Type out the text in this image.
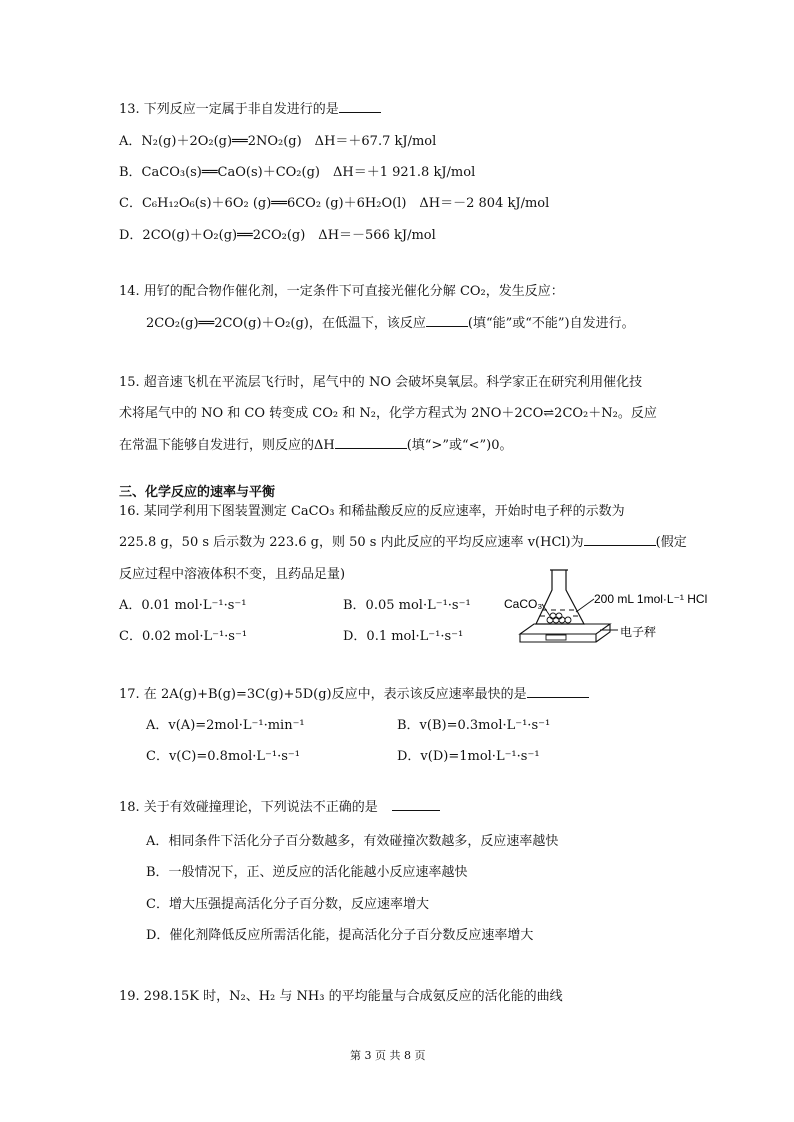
13. 下列反应一定属于非自发进行的是
A．N₂(g)＋2O₂(g)══2NO₂(g)　ΔH＝＋67.7 kJ/mol
B．CaCO₃(s)══CaO(s)＋CO₂(g)　ΔH＝＋1 921.8 kJ/mol
C．C₆H₁₂O₆(s)＋6O₂ (g)══6CO₂ (g)＋6H₂O(l)　ΔH＝－2 804 kJ/mol
D．2CO(g)＋O₂(g)══2CO₂(g)　ΔH＝－566 kJ/mol
14. 用钌的配合物作催化剂，一定条件下可直接光催化分解 CO₂，发生反应：
2CO₂(g)══2CO(g)＋O₂(g)，在低温下，该反应	(填“能”或“不能”)自发进行。
15. 超音速飞机在平流层飞行时，尾气中的 NO 会破坏臭氧层。科学家正在研究利用催化技
术将尾气中的 NO 和 CO 转变成 CO₂ 和 N₂，化学方程式为 2NO＋2CO⇌2CO₂＋N₂。反应
在常温下能够自发进行，则反应的ΔH	(填“>”或“<”)0。
三、化学反应的速率与平衡
16. 某同学利用下图装置测定 CaCO₃ 和稀盐酸反应的反应速率，开始时电子秤的示数为
225.8 g，50 s 后示数为 223.6 g，则 50 s 内此反应的平均反应速率 v(HCl)为	(假定
反应过程中溶液体积不变，且药品足量)
A．0.01 mol·L⁻¹·s⁻¹	B．0.05 mol·L⁻¹·s⁻¹
C．0.02 mol·L⁻¹·s⁻¹	D．0.1 mol·L⁻¹·s⁻¹
CaCO₃	200 mL 1mol·L⁻¹ HCl
电子秤
17. 在 2A(g)+B(g)=3C(g)+5D(g)反应中，表示该反应速率最快的是
A．v(A)=2mol·L⁻¹·min⁻¹	B．v(B)=0.3mol·L⁻¹·s⁻¹
C．v(C)=0.8mol·L⁻¹·s⁻¹	D．v(D)=1mol·L⁻¹·s⁻¹
18. 关于有效碰撞理论，下列说法不正确的是
A．相同条件下活化分子百分数越多，有效碰撞次数越多，反应速率越快
B．一般情况下，正、逆反应的活化能越小反应速率越快
C．增大压强提高活化分子百分数，反应速率增大
D．催化剂降低反应所需活化能，提高活化分子百分数反应速率增大
19. 298.15K 时，N₂、H₂ 与 NH₃ 的平均能量与合成氨反应的活化能的曲线
第 3 页 共 8 页
